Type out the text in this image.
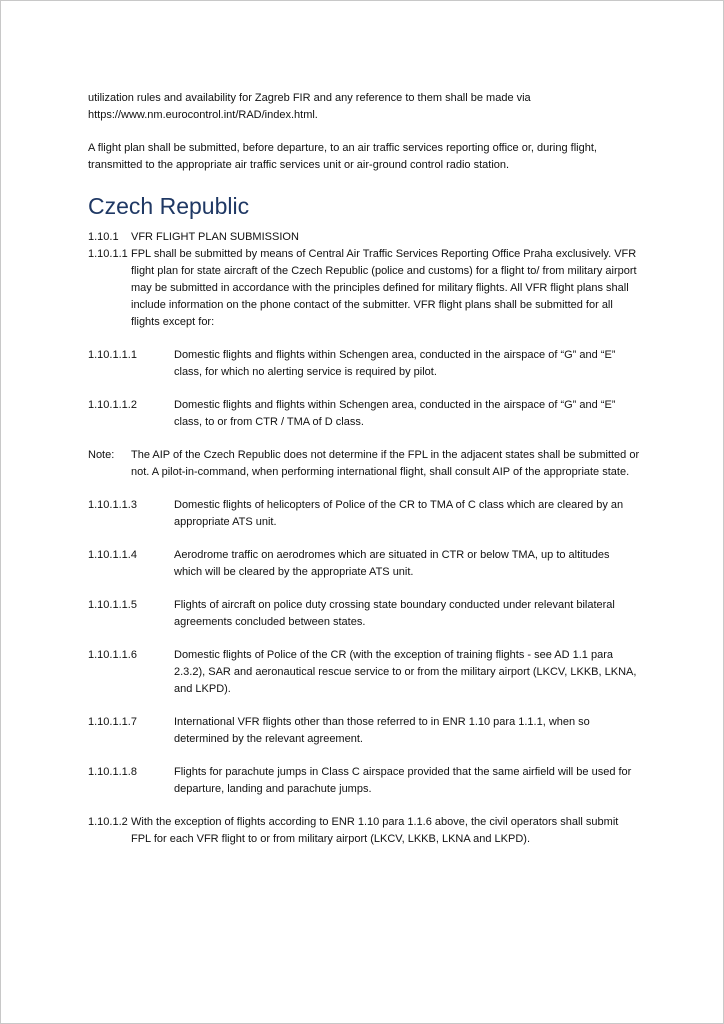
utilization rules and availability for Zagreb FIR and any reference to them shall be made via https://www.nm.eurocontrol.int/RAD/index.html.

A flight plan shall be submitted, before departure, to an air traffic services reporting office or, during flight, transmitted to the appropriate air traffic services unit or air-ground control radio station.

Czech Republic
1.10.1	VFR FLIGHT PLAN SUBMISSION
1.10.1.1 FPL shall be submitted by means of Central Air Traffic Services Reporting Office Praha exclusively. VFR flight plan for state aircraft of the Czech Republic (police and customs) for a flight to/ from military airport may be submitted in accordance with the principles defined for military flights. All VFR flight plans shall include information on the phone contact of the submitter. VFR flight plans shall be submitted for all flights except for:
1.10.1.1.1	Domestic flights and flights within Schengen area, conducted in the airspace of “G” and “E” class, for which no alerting service is required by pilot.
1.10.1.1.2	Domestic flights and flights within Schengen area, conducted in the airspace of “G” and “E” class, to or from CTR / TMA of D class.
Note:	The AIP of the Czech Republic does not determine if the FPL in the adjacent states shall be submitted or not. A pilot-in-command, when performing international flight, shall consult AIP of the appropriate state.
1.10.1.1.3	Domestic flights of helicopters of Police of the CR to TMA of C class which are cleared by an appropriate ATS unit.
1.10.1.1.4	Aerodrome traffic on aerodromes which are situated in CTR or below TMA, up to altitudes which will be cleared by the appropriate ATS unit.
1.10.1.1.5	Flights of aircraft on police duty crossing state boundary conducted under relevant bilateral agreements concluded between states.
1.10.1.1.6	Domestic flights of Police of the CR (with the exception of training flights - see AD 1.1 para 2.3.2), SAR and aeronautical rescue service to or from the military airport (LKCV, LKKB, LKNA, and LKPD).
1.10.1.1.7	International VFR flights other than those referred to in ENR 1.10 para 1.1.1, when so determined by the relevant agreement.
1.10.1.1.8	Flights for parachute jumps in Class C airspace provided that the same airfield will be used for departure, landing and parachute jumps.
1.10.1.2 With the exception of flights according to ENR 1.10 para 1.1.6 above, the civil operators shall submit FPL for each VFR flight to or from military airport (LKCV, LKKB, LKNA and LKPD).
